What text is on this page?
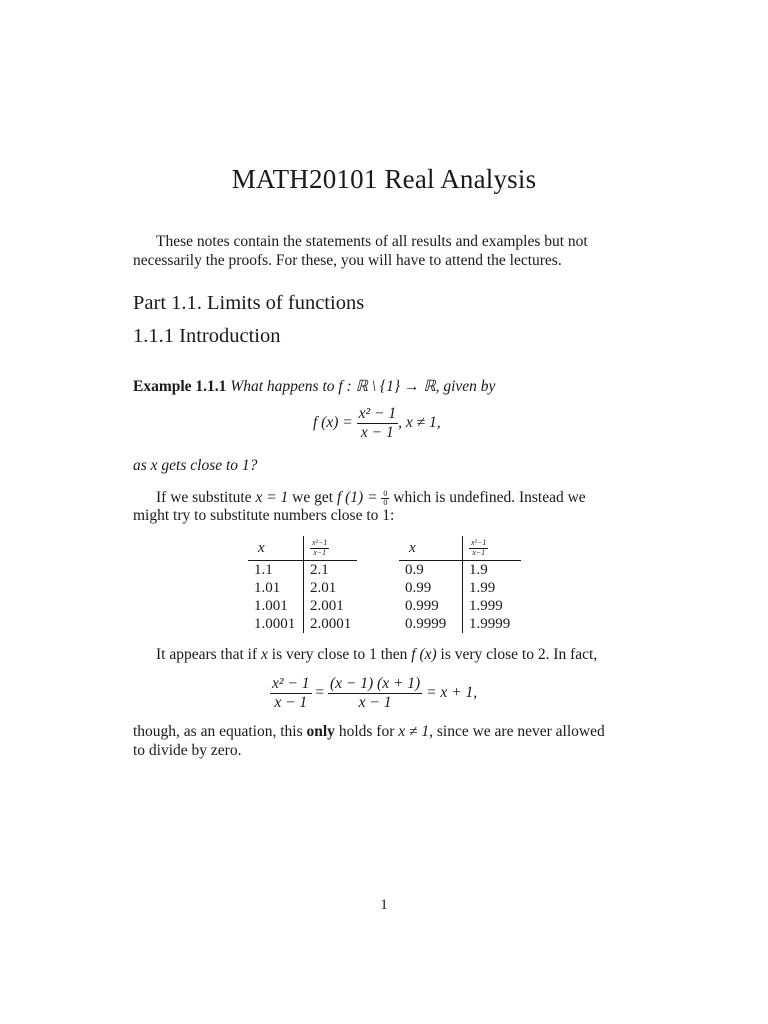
MATH20101 Real Analysis
These notes contain the statements of all results and examples but not
necessarily the proofs. For these, you will have to attend the lectures.
Part 1.1. Limits of functions
1.1.1 Introduction
Example 1.1.1 What happens to f : ℝ \ {1} → ℝ, given by
f $(x) = \frac{\text{x² − 1}}{x - 1}$ , x ≠ 1,
as x gets close to 1?
If we substitute x = 1 we get f $(1) = \frac{0}{0}$ which is undefined. Instead we
might try to substitute numbers close to 1:
x		$\frac{\text{x²−1}}{x-1}$

1.1		2.1
1.01		2.01
1.001		2.001
1.0001		2.0001
x		$\frac{\text{x²−1}}{x-1}$

0.9		1.9
0.99		1.99
0.999		1.999
0.9999		1.9999
It appears that if x is very close to 1 then f (x) is very close to 2. In fact,
$\frac{\text{x² − 1}}{x - 1} = \frac{(x - 1) (x + 1)}{x - 1} = x + 1$,
though, as an equation, this only holds for x ≠ 1, since we are never allowed
to divide by zero.
1
